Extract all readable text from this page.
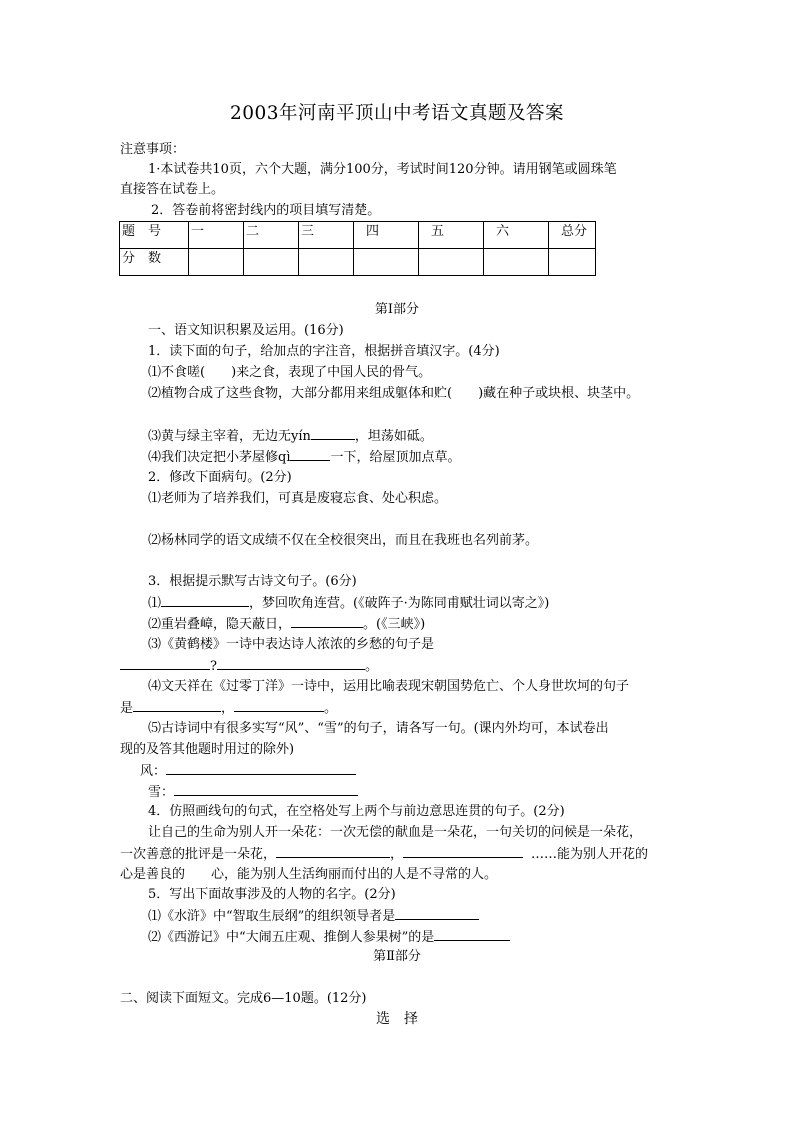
2003年河南平顶山中考语文真题及答案
注意事项：
1·本试卷共10页，六个大题，满分100分，考试时间120分钟。请用钢笔或圆珠笔
直接答在试卷上。
2．答卷前将密封线内的项目填写清楚。
题　号	一	二	三	四	五	六	总分
分　数							
第Ⅰ部分
一、语文知识积累及运用。(16分)
1．读下面的句子，给加点的字注音，根据拼音填汉字。(4分)
⑴不食嗟(　　)来之食，表现了中国人民的骨气。
⑵植物合成了这些食物，大部分都用来组成躯体和贮(　　)藏在种子或块根、块茎中。
⑶黄与绿主宰着，无边无yín	，坦荡如砥。
⑷我们决定把小茅屋修qì	一下，给屋顶加点草。
2．修改下面病句。(2分)
⑴老师为了培养我们，可真是废寝忘食、处心积虑。
⑵杨林同学的语文成绩不仅在全校很突出，而且在我班也名列前茅。
3．根据提示默写古诗文句子。(6分)
⑴	，梦回吹角连营。(《破阵子·为陈同甫赋壮词以寄之》)
⑵重岩叠嶂，隐天蔽日，	。(《三峡》)
⑶《黄鹤楼》一诗中表达诗人浓浓的乡愁的句子是
?	。
⑷文天祥在《过零丁洋》一诗中，运用比喻表现宋朝国势危亡、个人身世坎坷的句子
是	，	。
⑸古诗词中有很多实写“风”、“雪”的句子，请各写一句。(课内外均可，本试卷出
现的及答其他题时用过的除外)
风：
雪：
4．仿照画线句的句式，在空格处写上两个与前边意思连贯的句子。(2分)
让自己的生命为别人开一朵花：一次无偿的献血是一朵花，一句关切的问候是一朵花，
一次善意的批评是一朵花，	，	……能为别人开花的
心是善良的　　心，能为别人生活绚丽而付出的人是不寻常的人。
5．写出下面故事涉及的人物的名字。(2分)
⑴《水浒》中“智取生辰纲”的组织领导者是
⑵《西游记》中“大闹五庄观、推倒人参果树”的是
第Ⅱ部分
二、阅读下面短文。完成6—10题。(12分)
选　择
